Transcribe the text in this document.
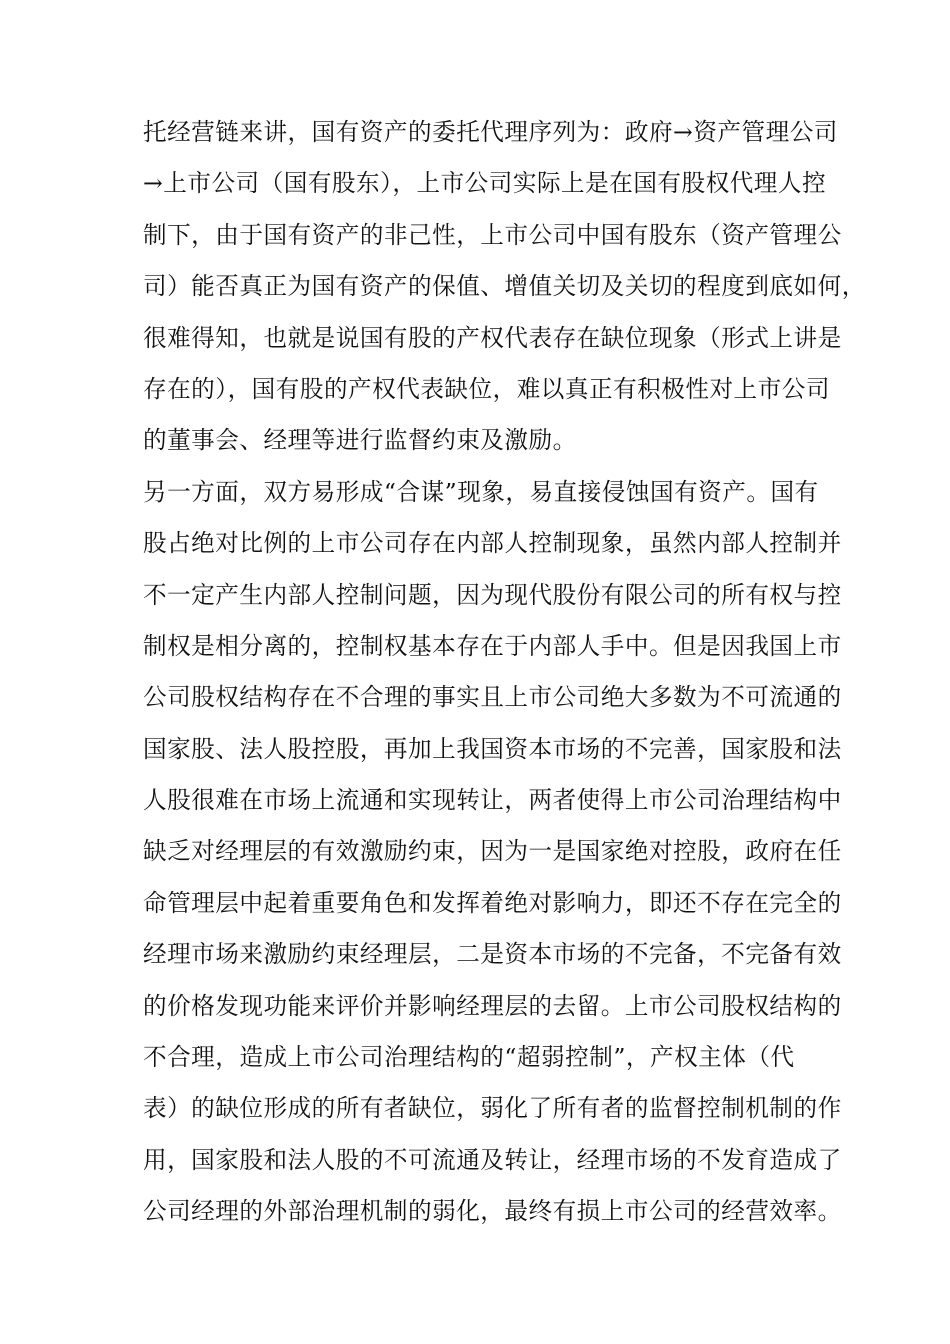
托经营链来讲，国有资产的委托代理序列为：政府→资产管理公司
→上市公司（国有股东），上市公司实际上是在国有股权代理人控
制下，由于国有资产的非己性，上市公司中国有股东（资产管理公
司）能否真正为国有资产的保值、增值关切及关切的程度到底如何，
很难得知，也就是说国有股的产权代表存在缺位现象（形式上讲是
存在的），国有股的产权代表缺位，难以真正有积极性对上市公司
的董事会、经理等进行监督约束及激励。
另一方面，双方易形成“合谋”现象，易直接侵蚀国有资产。国有
股占绝对比例的上市公司存在内部人控制现象，虽然内部人控制并
不一定产生内部人控制问题，因为现代股份有限公司的所有权与控
制权是相分离的，控制权基本存在于内部人手中。但是因我国上市
公司股权结构存在不合理的事实且上市公司绝大多数为不可流通的
国家股、法人股控股，再加上我国资本市场的不完善，国家股和法
人股很难在市场上流通和实现转让，两者使得上市公司治理结构中
缺乏对经理层的有效激励约束，因为一是国家绝对控股，政府在任
命管理层中起着重要角色和发挥着绝对影响力，即还不存在完全的
经理市场来激励约束经理层，二是资本市场的不完备，不完备有效
的价格发现功能来评价并影响经理层的去留。上市公司股权结构的
不合理，造成上市公司治理结构的“超弱控制”，产权主体（代
表）的缺位形成的所有者缺位，弱化了所有者的监督控制机制的作
用，国家股和法人股的不可流通及转让，经理市场的不发育造成了
公司经理的外部治理机制的弱化，最终有损上市公司的经营效率。
